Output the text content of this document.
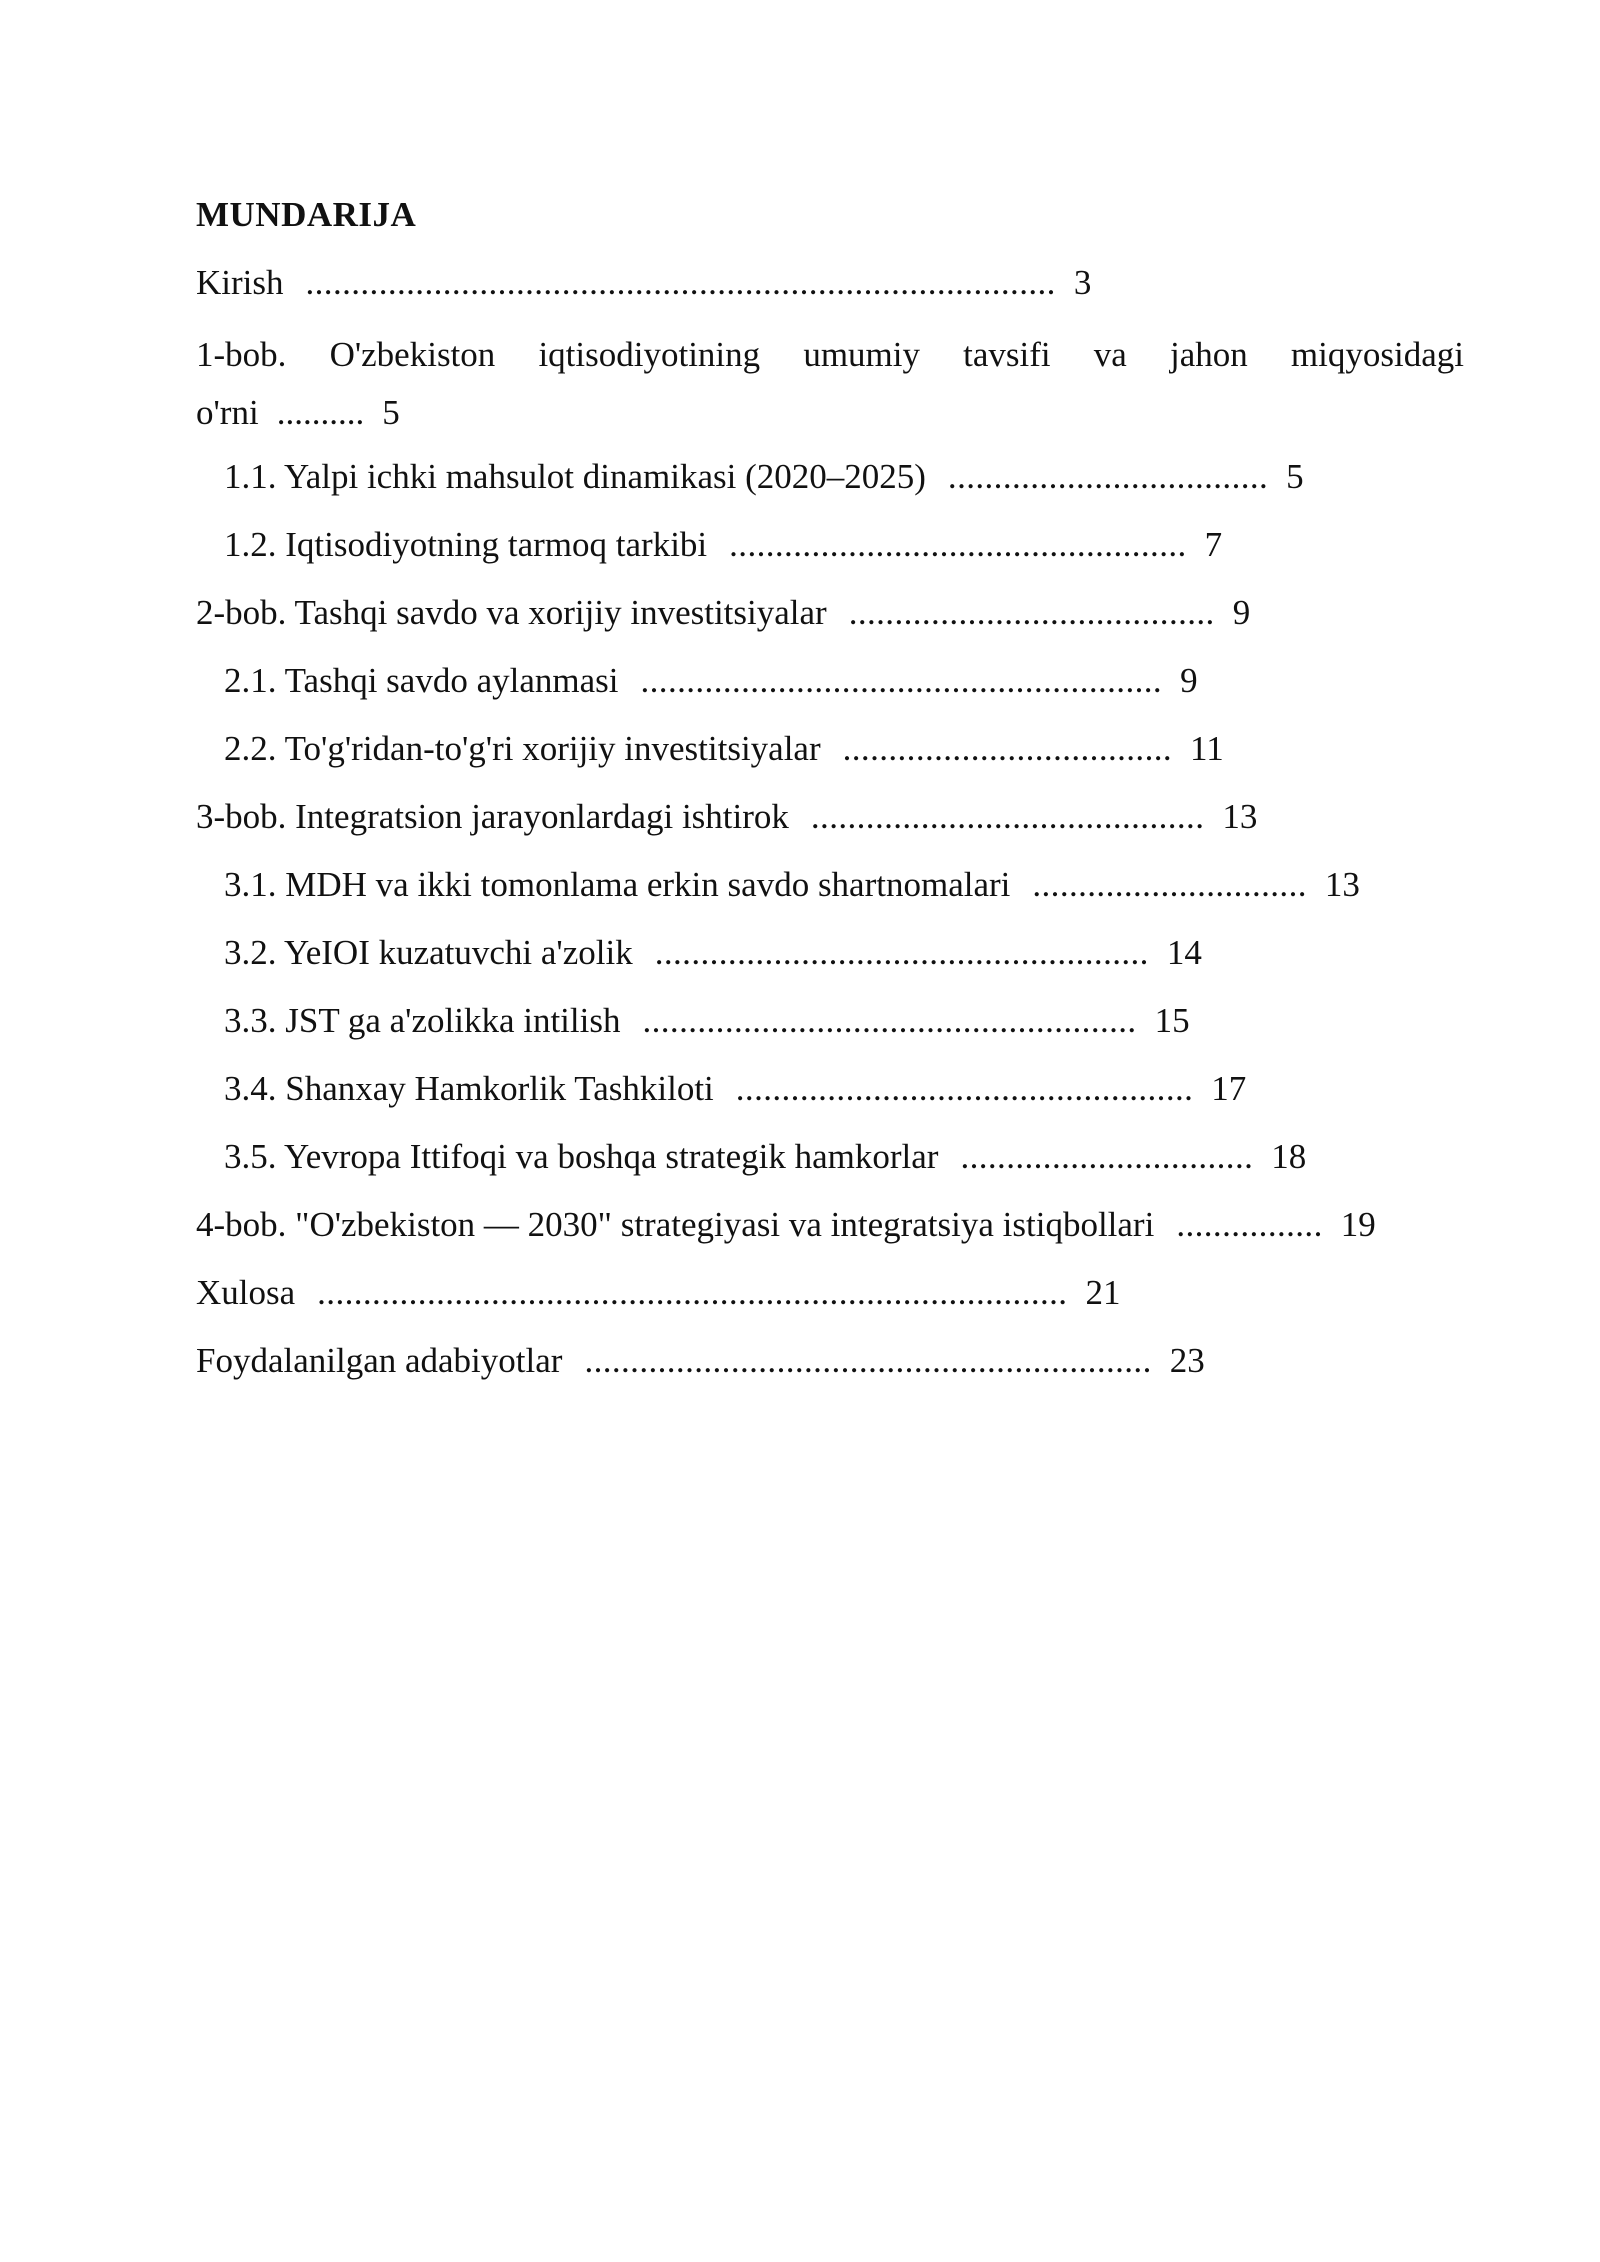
MUNDARIJA
Kirish .................................................................................. 3
1-bob. O'zbekiston iqtisodiyotining umumiy tavsifi va jahon miqyosidagi
o'rni .......... 5
1.1. Yalpi ichki mahsulot dinamikasi (2020–2025) ................................... 5
1.2. Iqtisodiyotning tarmoq tarkibi .................................................. 7
2-bob. Tashqi savdo va xorijiy investitsiyalar ........................................ 9
2.1. Tashqi savdo aylanmasi ......................................................... 9
2.2. To'g'ridan-to'g'ri xorijiy investitsiyalar .................................... 11
3-bob. Integratsion jarayonlardagi ishtirok ........................................... 13
3.1. MDH va ikki tomonlama erkin savdo shartnomalari .............................. 13
3.2. YeIOI kuzatuvchi a'zolik ...................................................... 14
3.3. JST ga a'zolikka intilish ...................................................... 15
3.4. Shanxay Hamkorlik Tashkiloti .................................................. 17
3.5. Yevropa Ittifoqi va boshqa strategik hamkorlar ................................ 18
4-bob. "O'zbekiston — 2030" strategiyasi va integratsiya istiqbollari ................ 19
Xulosa .................................................................................. 21
Foydalanilgan adabiyotlar .............................................................. 23
